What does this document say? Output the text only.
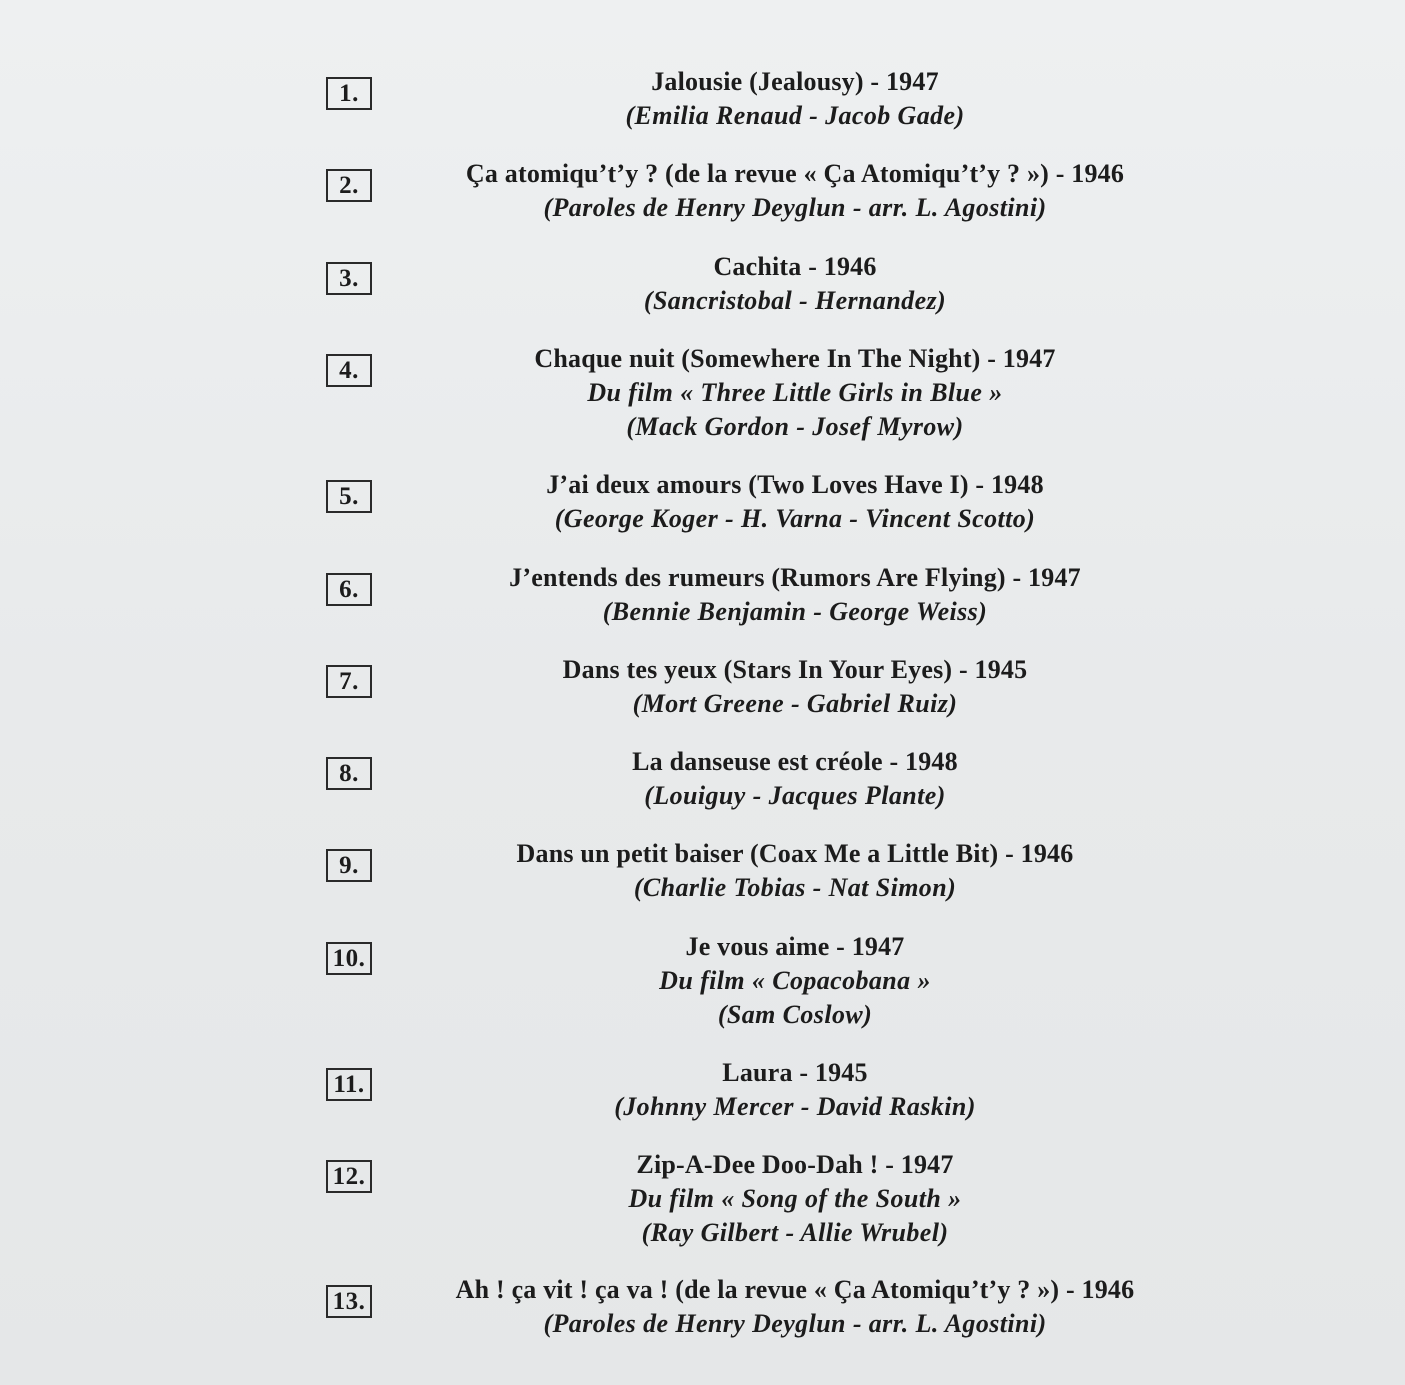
1.	Jalousie (Jealousy) - 1947
(Emilia Renaud - Jacob Gade)
2.	Ça atomiqu’t’y ? (de la revue « Ça Atomiqu’t’y ? ») - 1946
(Paroles de Henry Deyglun - arr. L. Agostini)
3.	Cachita - 1946
(Sancristobal - Hernandez)
4.	Chaque nuit (Somewhere In The Night) - 1947
Du film « Three Little Girls in Blue »
(Mack Gordon - Josef Myrow)
5.	J’ai deux amours (Two Loves Have I) - 1948
(George Koger - H. Varna - Vincent Scotto)
6.	J’entends des rumeurs (Rumors Are Flying) - 1947
(Bennie Benjamin - George Weiss)
7.	Dans tes yeux (Stars In Your Eyes) - 1945
(Mort Greene - Gabriel Ruiz)
8.	La danseuse est créole - 1948
(Louiguy - Jacques Plante)
9.	Dans un petit baiser (Coax Me a Little Bit) - 1946
(Charlie Tobias - Nat Simon)
10.	Je vous aime - 1947
Du film « Copacobana »
(Sam Coslow)
11.	Laura - 1945
(Johnny Mercer - David Raskin)
12.	Zip-A-Dee Doo-Dah ! - 1947
Du film « Song of the South »
(Ray Gilbert - Allie Wrubel)
13.	Ah ! ça vit ! ça va ! (de la revue « Ça Atomiqu’t’y ? ») - 1946
(Paroles de Henry Deyglun - arr. L. Agostini)
